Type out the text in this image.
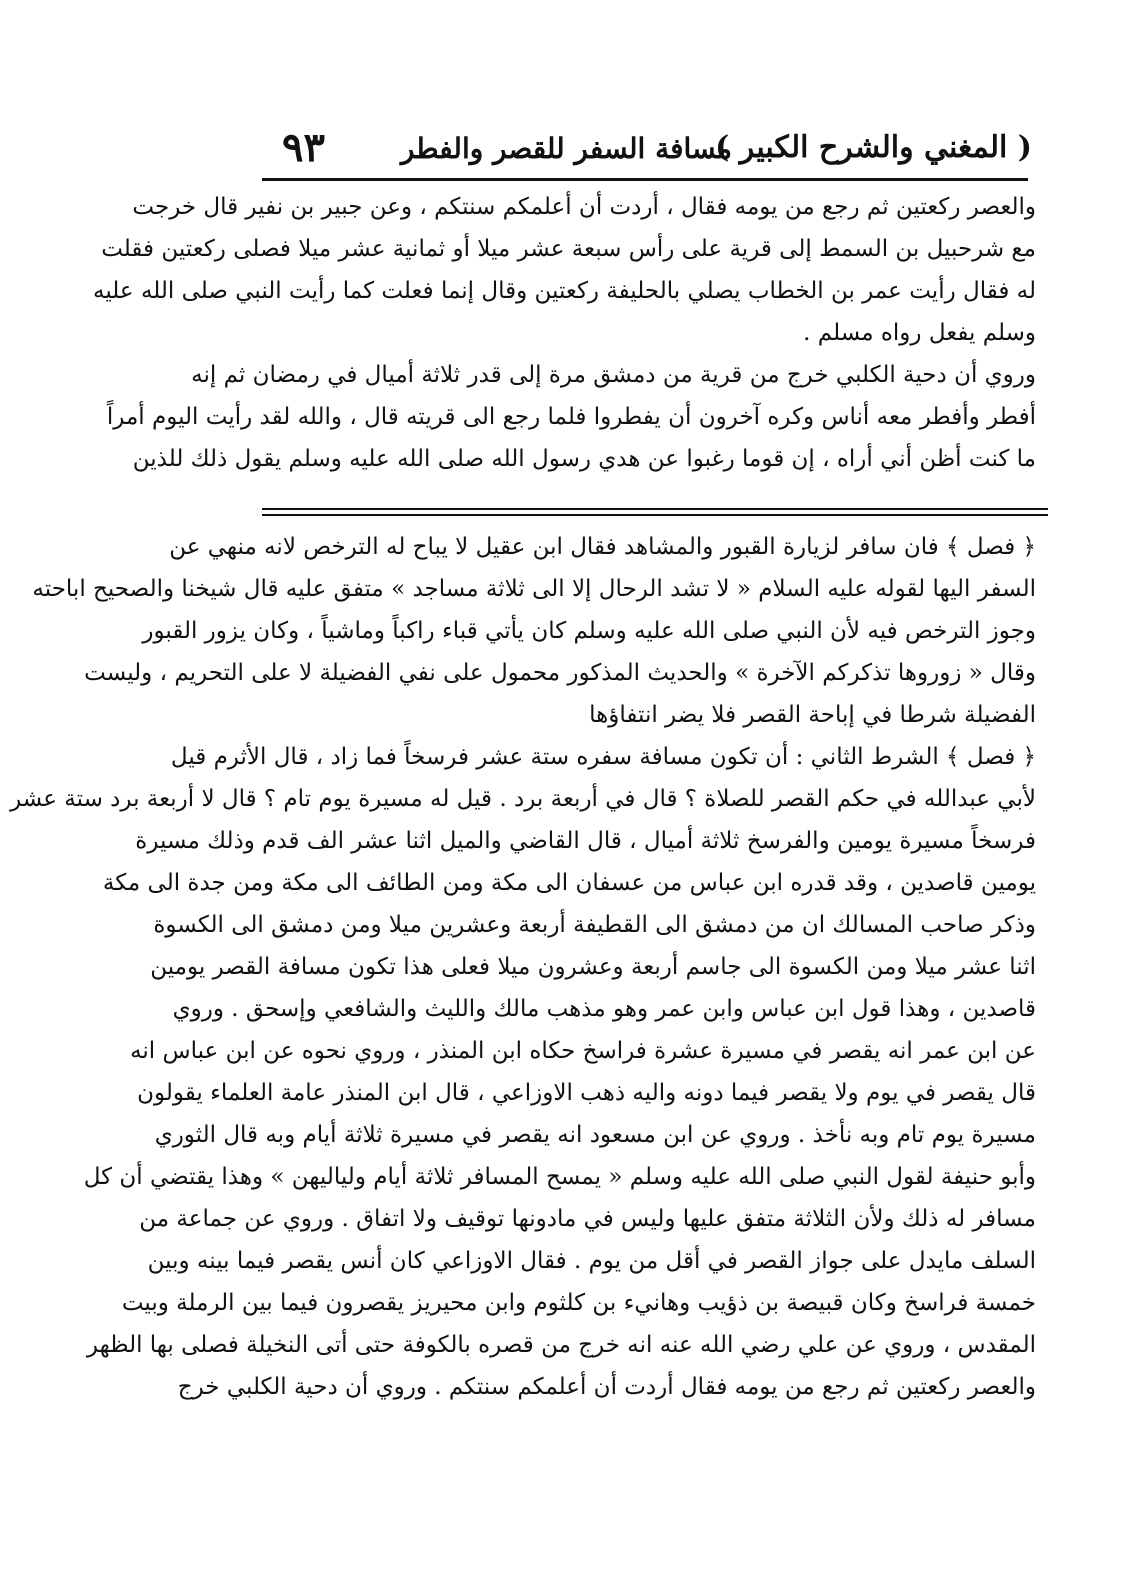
( المغني والشرح الكبير )
مسافة السفر للقصر والفطر
٩٣
والعصر ركعتين ثم رجع من يومه فقال ، أردت أن أعلمكم سنتكم ، وعن جبير بن نفير قال خرجت
مع شرحبيل بن السمط إلى قرية على رأس سبعة عشر ميلا أو ثمانية عشر ميلا فصلى ركعتين فقلت
له فقال رأيت عمر بن الخطاب يصلي بالحليفة ركعتين وقال إنما فعلت كما رأيت النبي صلى الله عليه
وسلم يفعل رواه مسلم .
وروي أن دحية الكلبي خرج من قرية من دمشق مرة إلى قدر ثلاثة أميال في رمضان ثم إنه
أفطر وأفطر معه أناس وكره آخرون أن يفطروا فلما رجع الى قريته قال ، والله لقد رأيت اليوم أمراً
ما كنت أظن أني أراه ، إن قوما رغبوا عن هدي رسول الله صلى الله عليه وسلم يقول ذلك للذين
﴿ فصل ﴾ فان سافر لزيارة القبور والمشاهد فقال ابن عقيل لا يباح له الترخص لانه منهي عن
السفر اليها لقوله عليه السلام « لا تشد الرحال إلا الى ثلاثة مساجد » متفق عليه قال شيخنا والصحيح اباحته
وجوز الترخص فيه لأن النبي صلى الله عليه وسلم كان يأتي قباء راكباً وماشياً ، وكان يزور القبور
وقال « زوروها تذكركم الآخرة » والحديث المذكور محمول على نفي الفضيلة لا على التحريم ، وليست
الفضيلة شرطا في إباحة القصر فلا يضر انتفاؤها
﴿ فصل ﴾ الشرط الثاني : أن تكون مسافة سفره ستة عشر فرسخاً فما زاد ، قال الأثرم قيل
لأبي عبدالله في حكم القصر للصلاة ؟ قال في أربعة برد . قيل له مسيرة يوم تام ؟ قال لا أربعة برد ستة عشر
فرسخاً مسيرة يومين والفرسخ ثلاثة أميال ، قال القاضي والميل اثنا عشر الف قدم وذلك مسيرة
يومين قاصدين ، وقد قدره ابن عباس من عسفان الى مكة ومن الطائف الى مكة ومن جدة الى مكة
وذكر صاحب المسالك ان من دمشق الى القطيفة أربعة وعشرين ميلا ومن دمشق الى الكسوة
اثنا عشر ميلا ومن الكسوة الى جاسم أربعة وعشرون ميلا فعلى هذا تكون مسافة القصر يومين
قاصدين ، وهذا قول ابن عباس وابن عمر وهو مذهب مالك والليث والشافعي وإسحق . وروي
عن ابن عمر انه يقصر في مسيرة عشرة فراسخ حكاه ابن المنذر ، وروي نحوه عن ابن عباس انه
قال يقصر في يوم ولا يقصر فيما دونه واليه ذهب الاوزاعي ، قال ابن المنذر عامة العلماء يقولون
مسيرة يوم تام وبه نأخذ . وروي عن ابن مسعود انه يقصر في مسيرة ثلاثة أيام وبه قال الثوري
وأبو حنيفة لقول النبي صلى الله عليه وسلم « يمسح المسافر ثلاثة أيام ولياليهن » وهذا يقتضي أن كل
مسافر له ذلك ولأن الثلاثة متفق عليها وليس في مادونها توقيف ولا اتفاق . وروي عن جماعة من
السلف مايدل على جواز القصر في أقل من يوم . فقال الاوزاعي كان أنس يقصر فيما بينه وبين
خمسة فراسخ وكان قبيصة بن ذؤيب وهانيء بن كلثوم وابن محيريز يقصرون فيما بين الرملة وبيت
المقدس ، وروي عن علي رضي الله عنه انه خرج من قصره بالكوفة حتى أتى النخيلة فصلى بها الظهر
والعصر ركعتين ثم رجع من يومه فقال أردت أن أعلمكم سنتكم . وروي أن دحية الكلبي خرج
